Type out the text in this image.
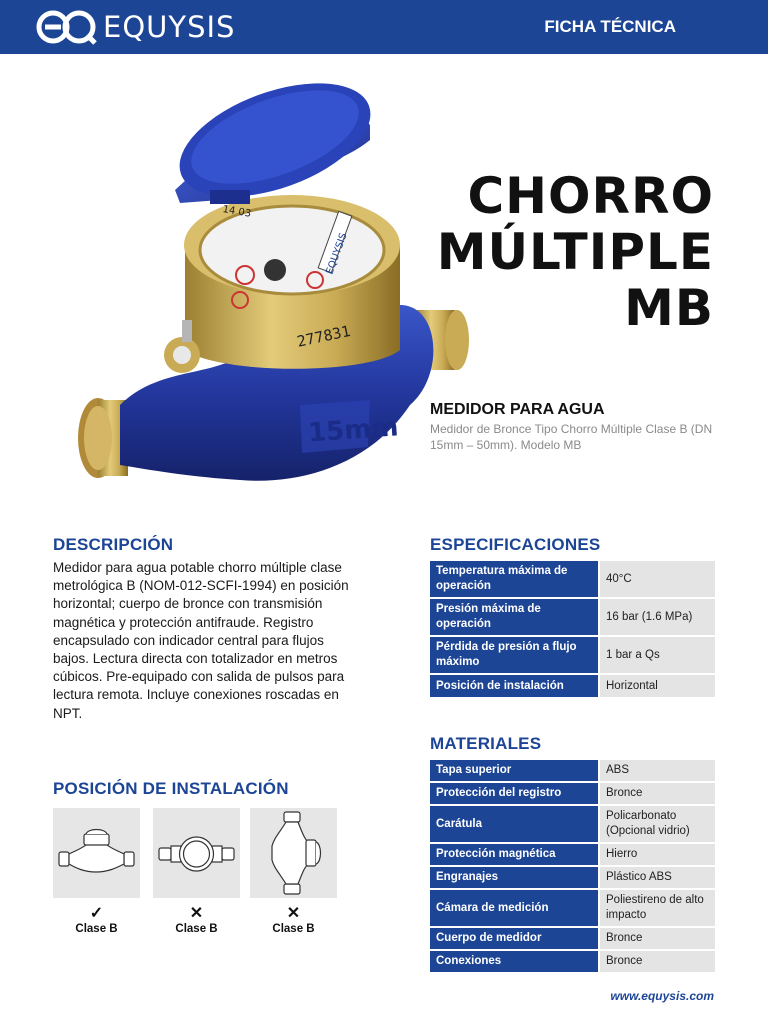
EQUYSIS	FICHA TÉCNICA
15mm
EQUYSIS
277831
14 03	CHORRO
MÚLTIPLE
MB
MEDIDOR PARA AGUA
Medidor de Bronce Tipo Chorro Múltiple Clase B (DN 15mm – 50mm). Modelo MB
DESCRIPCIÓN
Medidor para agua potable chorro múltiple clase metrológica B (NOM-012-SCFI-1994) en posición horizontal; cuerpo de bronce con transmisión magnética y protección antifraude. Registro encapsulado con indicador central para flujos bajos. Lectura directa con totalizador en metros cúbicos. Pre-equipado con salida de pulsos para lectura remota. Incluye conexiones roscadas en NPT.
ESPECIFICACIONES
Temperatura máxima de operación	40°C
Presión máxima de operación	16 bar (1.6 MPa)
Pérdida de presión a flujo máximo	1 bar a Qs
Posición de instalación	Horizontal
MATERIALES
Tapa superior	ABS
Protección del registro	Bronce
Carátula	Policarbonato (Opcional vidrio)
Protección magnética	Hierro
Engranajes	Plástico ABS
Cámara de medición	Poliestireno de alto impacto
Cuerpo de medidor	Bronce
Conexiones	Bronce
POSICIÓN DE INSTALACIÓN
✓
Clase B
✕
Clase B
✕
Clase B
www.equysis.com
